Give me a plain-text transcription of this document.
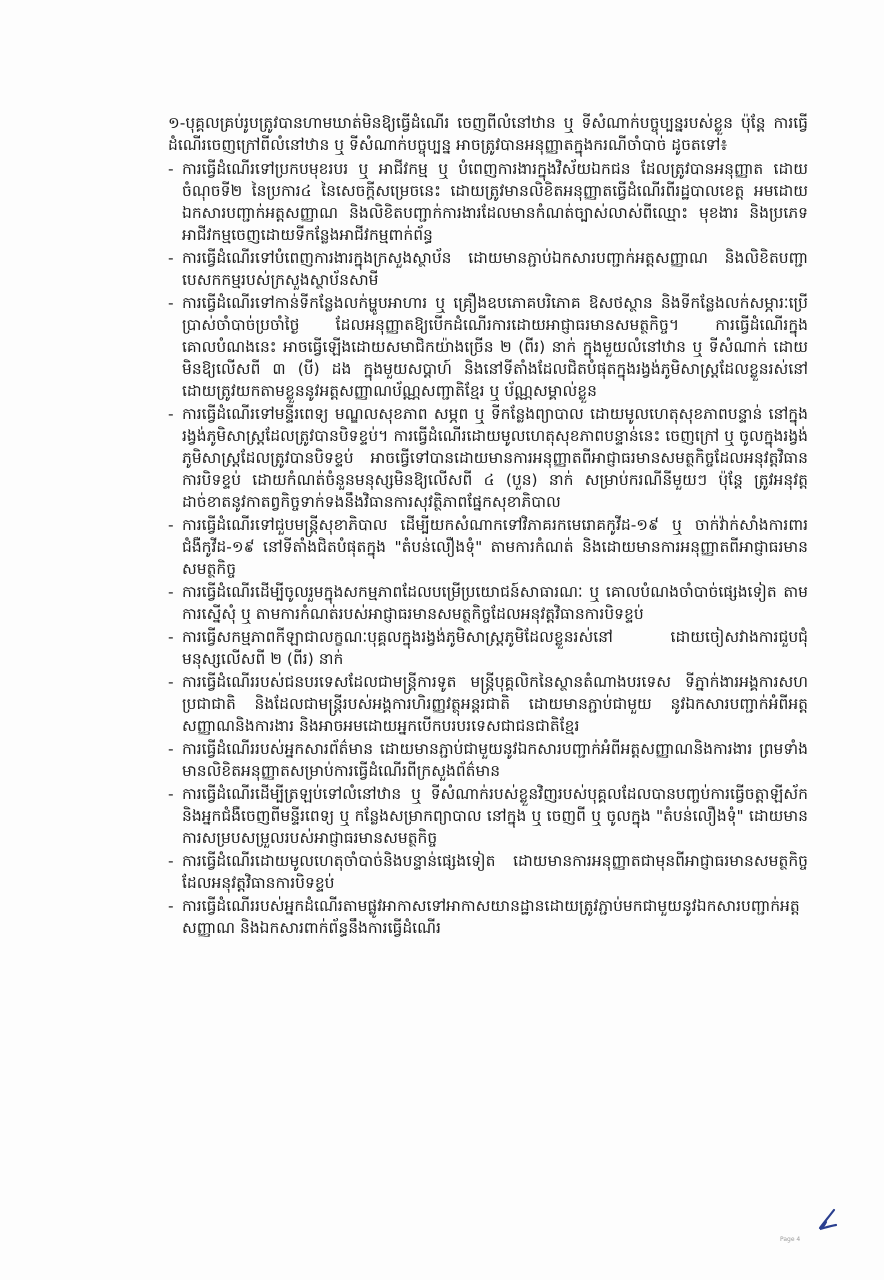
១-បុគ្គលគ្រប់រូបត្រូវបានហាមឃាត់មិនឱ្យធ្វើដំណើរ ចេញពីលំនៅឋាន ឬ ទីសំណាក់បច្ចុប្បន្នរបស់ខ្លួន ប៉ុន្តែ ការធ្វើដំណើរចេញក្រៅពីលំនៅឋាន ឬ ទីសំណាក់បច្ចុប្បន្ន អាចត្រូវបានអនុញ្ញាតក្នុងករណីចាំបាច់ ដូចតទៅ៖

- ការធ្វើដំណើរទៅប្រកបមុខរបរ ឬ អាជីវកម្ម ឬ បំពេញការងារក្នុងវិស័យឯកជន ដែលត្រូវបានអនុញ្ញាត ដោយចំណុចទី២ នៃប្រការ៤ នៃសេចក្តីសម្រេចនេះ ដោយត្រូវមានលិខិតអនុញ្ញាតធ្វើដំណើរពីរដ្ឋបាលខេត្ត អមដោយឯកសារបញ្ជាក់អត្តសញ្ញាណ និងលិខិតបញ្ជាក់ការងារដែលមានកំណត់ច្បាស់លាស់ពីឈ្មោះ មុខងារ និងប្រភេទអាជីវកម្មចេញដោយទីកន្លែងអាជីវកម្មពាក់ព័ន្ធ
- ការធ្វើដំណើរទៅបំពេញការងារក្នុងក្រសួងស្ថាប័ន ដោយមានភ្ជាប់ឯកសារបញ្ជាក់អត្តសញ្ញាណ និងលិខិតបញ្ជាបេសកកម្មរបស់ក្រសួងស្ថាប័នសាមី
- ការធ្វើដំណើរទៅកាន់ទីកន្លែងលក់ម្ហូបអាហារ ឬ គ្រឿងឧបភោគបរិភោគ ឱសថស្ថាន និងទីកន្លែងលក់សម្ភារៈប្រើប្រាស់ចាំបាច់ប្រចាំថ្ងៃ ដែលអនុញ្ញាតឱ្យបើកដំណើរការដោយអាជ្ញាធរមានសមត្ថកិច្ច។ ការធ្វើដំណើរក្នុងគោលបំណងនេះ អាចធ្វើឡើងដោយសមាជិកយ៉ាងច្រើន ២ (ពីរ) នាក់ ក្នុងមួយលំនៅឋាន ឬ ទីសំណាក់ ដោយមិនឱ្យលើសពី ៣ (បី) ដង ក្នុងមួយសប្តាហ៍ និងនៅទីតាំងដែលជិតបំផុតក្នុងរង្វង់ភូមិសាស្ត្រដែលខ្លួនរស់នៅ ដោយត្រូវយកតាមខ្លួននូវអត្តសញ្ញាណប័ណ្ណសញ្ជាតិខ្មែរ ឬ ប័ណ្ណសម្គាល់ខ្លួន
- ការធ្វើដំណើរទៅមន្ទីរពេទ្យ មណ្ឌលសុខភាព សម្ភព ឬ ទីកន្លែងព្យាបាល ដោយមូលហេតុសុខភាពបន្ទាន់ នៅក្នុងរង្វង់ភូមិសាស្ត្រដែលត្រូវបានបិទខ្ទប់។ ការធ្វើដំណើរដោយមូលហេតុសុខភាពបន្ទាន់នេះ ចេញក្រៅ ឬ ចូលក្នុងរង្វង់ភូមិសាស្ត្រដែលត្រូវបានបិទខ្ទប់ អាចធ្វើទៅបានដោយមានការអនុញ្ញាតពីអាជ្ញាធរមានសមត្ថកិច្ចដែលអនុវត្តវិធានការបិទខ្ទប់ ដោយកំណត់ចំនួនមនុស្សមិនឱ្យលើសពី ៤ (បួន) នាក់ សម្រាប់ករណីនីមួយៗ ប៉ុន្តែ ត្រូវអនុវត្តដាច់ខាតនូវកាតព្វកិច្ចទាក់ទងនឹងវិធានការសុវត្ថិភាពផ្នែកសុខាភិបាល
- ការធ្វើដំណើរទៅជួបមន្ត្រីសុខាភិបាល ដើម្បីយកសំណាកទៅវិភាគរកមេរោគកូវីដ-១៩ ឬ ចាក់វ៉ាក់សាំងការពារជំងឺកូវីដ-១៩ នៅទីតាំងជិតបំផុតក្នុង "តំបន់លឿងទុំ" តាមការកំណត់ និងដោយមានការអនុញ្ញាតពីអាជ្ញាធរមានសមត្ថកិច្ច
- ការធ្វើដំណើរដើម្បីចូលរួមក្នុងសកម្មភាពដែលបម្រើប្រយោជន៍សាធារណៈ ឬ គោលបំណងចាំបាច់ផ្សេងទៀត តាមការស្នើសុំ ឬ តាមការកំណត់របស់អាជ្ញាធរមានសមត្ថកិច្ចដែលអនុវត្តវិធានការបិទខ្ទប់
- ការធ្វើសកម្មភាពកីឡាជាលក្ខណៈបុគ្គលក្នុងរង្វង់ភូមិសាស្ត្រភូមិដែលខ្លួនរស់នៅ ដោយចៀសវាងការជួបជុំមនុស្សលើសពី ២ (ពីរ) នាក់
- ការធ្វើដំណើររបស់ជនបរទេសដែលជាមន្ត្រីការទូត មន្ត្រីបុគ្គលិកនៃស្ថានតំណាងបរទេស ទីភ្នាក់ងារអង្គការសហប្រជាជាតិ និងដែលជាមន្ត្រីរបស់អង្គការហិរញ្ញវត្ថុអន្តរជាតិ ដោយមានភ្ជាប់ជាមួយ នូវឯកសារបញ្ជាក់អំពីអត្តសញ្ញាណនិងការងារ និងអាចអមដោយអ្នកបើកបរបរទេសជាជនជាតិខ្មែរ
- ការធ្វើដំណើររបស់អ្នកសារព័ត៌មាន ដោយមានភ្ជាប់ជាមួយនូវឯកសារបញ្ជាក់អំពីអត្តសញ្ញាណនិងការងារ ព្រមទាំងមានលិខិតអនុញ្ញាតសម្រាប់ការធ្វើដំណើរពីក្រសួងព័ត៌មាន
- ការធ្វើដំណើរដើម្បីត្រឡប់ទៅលំនៅឋាន ឬ ទីសំណាក់របស់ខ្លួនវិញរបស់បុគ្គលដែលបានបញ្ចប់ការធ្វើចត្តាឡីស័ក និងអ្នកជំងឺចេញពីមន្ទីរពេទ្យ ឬ កន្លែងសម្រាកព្យាបាល នៅក្នុង ឬ ចេញពី ឬ ចូលក្នុង "តំបន់លឿងទុំ" ដោយមានការសម្របសម្រួលរបស់អាជ្ញាធរមានសមត្ថកិច្ច
- ការធ្វើដំណើរដោយមូលហេតុចាំបាច់និងបន្ទាន់ផ្សេងទៀត ដោយមានការអនុញ្ញាតជាមុនពីអាជ្ញាធរមានសមត្ថកិច្ចដែលអនុវត្តវិធានការបិទខ្ទប់
- ការធ្វើដំណើររបស់អ្នកដំណើរតាមផ្លូវអាកាសទៅអាកាសយានដ្ឋានដោយត្រូវភ្ជាប់មកជាមួយនូវឯកសារបញ្ជាក់អត្តសញ្ញាណ និងឯកសារពាក់ព័ន្ធនឹងការធ្វើដំណើរ
Page 4
